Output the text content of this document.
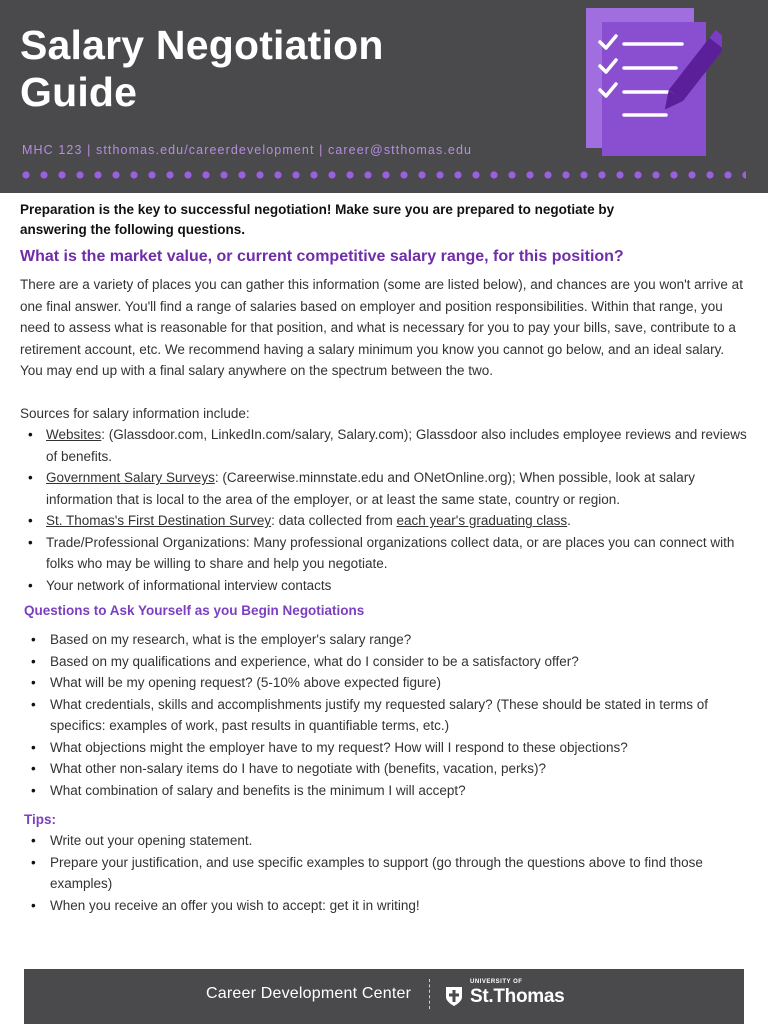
Salary Negotiation
Guide
MHC 123 | stthomas.edu/careerdevelopment | career@stthomas.edu

Preparation is the key to successful negotiation! Make sure you are prepared to negotiate by answering the following questions.

What is the market value, or current competitive salary range, for this position?

There are a variety of places you can gather this information (some are listed below), and chances are you won't arrive at one final answer. You'll find a range of salaries based on employer and position responsibilities. Within that range, you need to assess what is reasonable for that position, and what is necessary for you to pay your bills, save, contribute to a retirement account, etc. We recommend having a salary minimum you know you cannot go below, and an ideal salary. You may end up with a final salary anywhere on the spectrum between the two.

Sources for salary information include:

• Websites: (Glassdoor.com, LinkedIn.com/salary, Salary.com); Glassdoor also includes employee reviews and reviews of benefits.
• Government Salary Surveys: (Careerwise.minnstate.edu and ONetOnline.org); When possible, look at salary information that is local to the area of the employer, or at least the same state, country or region.
• St. Thomas's First Destination Survey: data collected from each year's graduating class.
• Trade/Professional Organizations: Many professional organizations collect data, or are places you can connect with folks who may be willing to share and help you negotiate.
• Your network of informational interview contacts
Questions to Ask Yourself as you Begin Negotiations
• Based on my research, what is the employer's salary range?
• Based on my qualifications and experience, what do I consider to be a satisfactory offer?
• What will be my opening request? (5-10% above expected figure)
• What credentials, skills and accomplishments justify my requested salary? (These should be stated in terms of specifics: examples of work, past results in quantifiable terms, etc.)
• What objections might the employer have to my request? How will I respond to these objections?
• What other non-salary items do I have to negotiate with (benefits, vacation, perks)?
• What combination of salary and benefits is the minimum I will accept?
Tips:
• Write out your opening statement.
• Prepare your justification, and use specific examples to support (go through the questions above to find those examples)
• When you receive an offer you wish to accept: get it in writing!
Career Development Center
UNIVERSITY OF
St.Thomas
